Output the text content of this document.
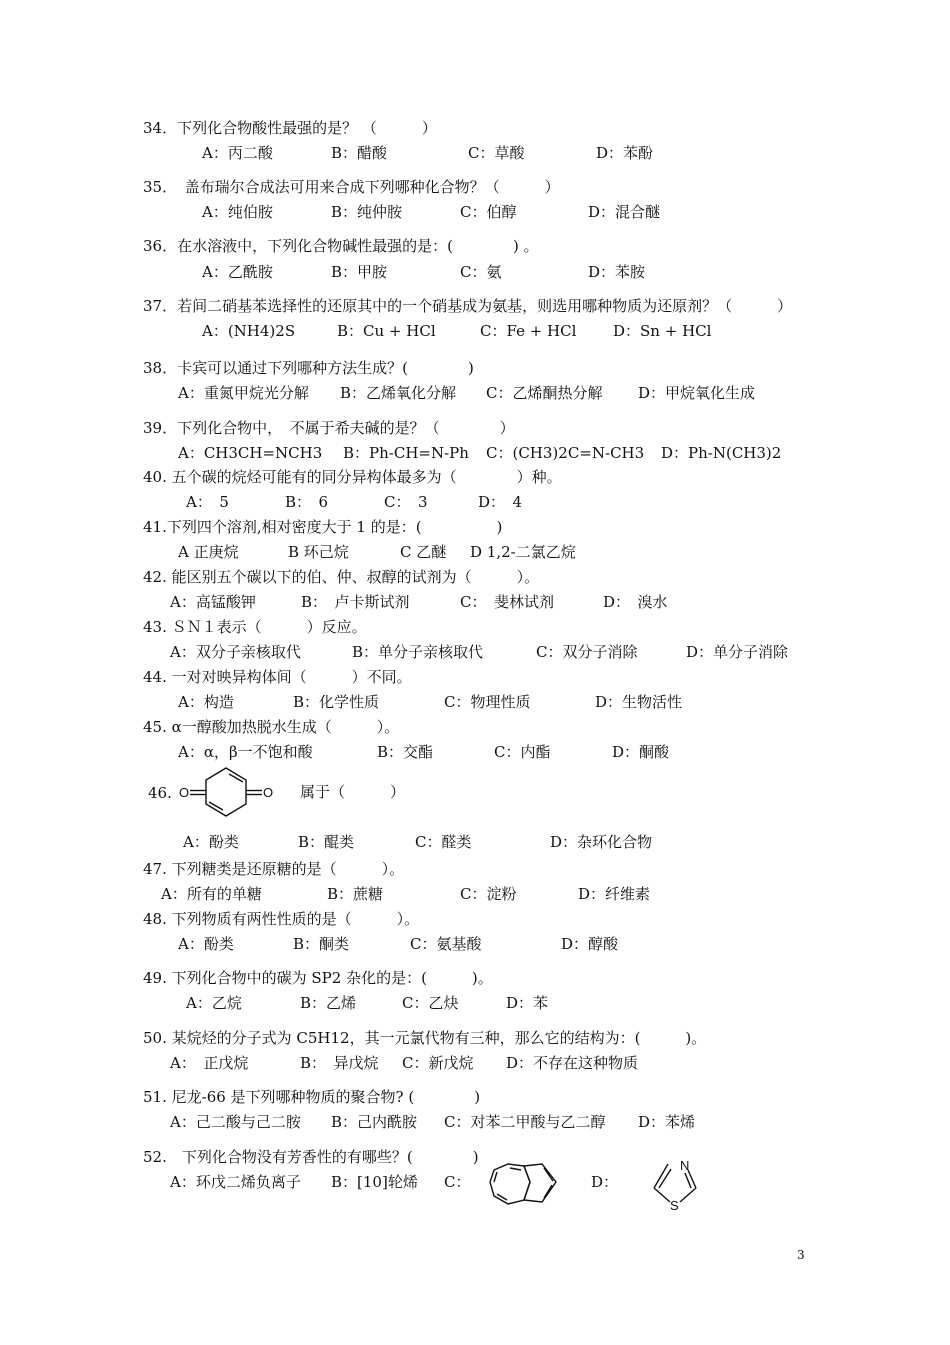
34．下列化合物酸性最强的是？ （　　　）
A：丙二酸	B：醋酸	C：草酸	D：苯酚
35．　盖布瑞尔合成法可用来合成下列哪种化合物？（　　　）
A：纯伯胺	B：纯仲胺	C：伯醇	D：混合醚
36．在水溶液中，下列化合物碱性最强的是：(　　　　) 。
A：乙酰胺	B：甲胺	C：氨	D：苯胺
37．若间二硝基苯选择性的还原其中的一个硝基成为氨基，则选用哪种物质为还原剂？（　　　）
A：(NH4)2S	B：Cu + HCl	C：Fe + HCl D：Sn + HCl
38．卡宾可以通过下列哪种方法生成？(　　　　)
A：重氮甲烷光分解 B：乙烯氧化分解 C：乙烯酮热分解 D：甲烷氧化生成
39．下列化合物中，　不属于希夫碱的是？（　　　　）
A：CH3CH=NCH3 B：Ph-CH=N-Ph C：(CH3)2C=N-CH3 D：Ph-N(CH3)2
40. 五个碳的烷烃可能有的同分异构体最多为（　　　　）种。
A：　5	B：　6	C：　3	D：　4
41.下列四个溶剂,相对密度大于 1 的是：(　　　　　)
A 正庚烷	B 环己烷	C 乙醚 D 1,2-二氯乙烷
42. 能区别五个碳以下的伯、仲、叔醇的试剂为（　　　）。
A：高锰酸钾	B：　卢卡斯试剂	C：　斐林试剂	D：　溴水
43. ＳＮ１表示（　　　）反应。
A：双分子亲核取代	B：单分子亲核取代	C：双分子消除	D：单分子消除
44. 一对对映异构体间（　　　）不同。
A：构造	B：化学性质	C：物理性质	D：生物活性
45. α一醇酸加热脱水生成（　　　）。
A：α，β一不饱和酸	B：交酯	C：内酯	D：酮酸
46. O	O 属于（　　　）
A：酚类	B：醌类	C：醛类	D：杂环化合物
47. 下列糖类是还原糖的是（　　　）。
A：所有的单糖	B：蔗糖	C：淀粉	D：纤维素
48. 下列物质有两性性质的是（　　　）。
A：酚类	B：酮类	C：氨基酸	D：醇酸
49. 下列化合物中的碳为 SP2 杂化的是：(　　　)。
A：乙烷	B：乙烯	C：乙炔	D：苯
50. 某烷烃的分子式为 C5H12，其一元氯代物有三种，那么它的结构为：(　　　)。
A：　正戊烷	B：　异戊烷 C：新戊烷 D：不存在这种物质
51. 尼龙-66 是下列哪种物质的聚合物? (　　　　)
A：己二酸与己二胺 B：己内酰胺 C：对苯二甲酸与乙二醇 D：苯烯
52.　下列化合物没有芳香性的有哪些？(　　　　)
A：环戊二烯负离子 B：[10]轮烯 C：	D：
N
S
3
